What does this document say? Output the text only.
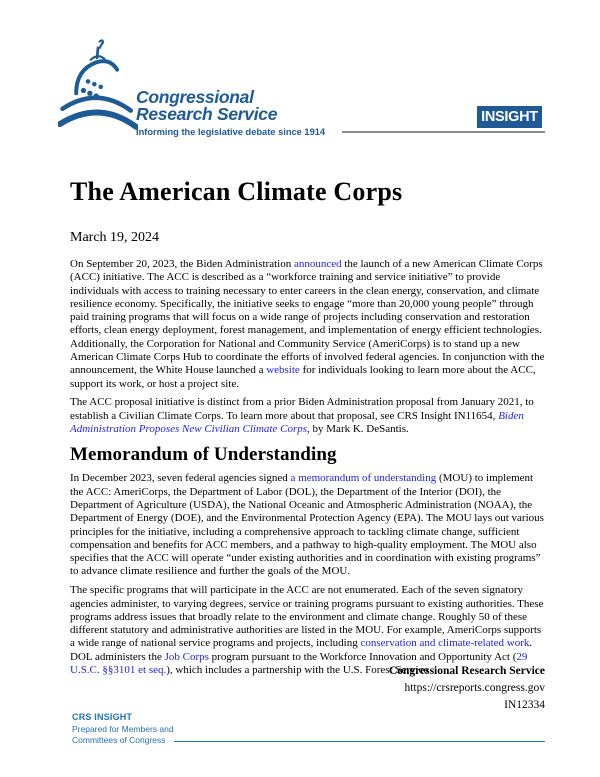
Congressional
Research Service
Informing the legislative debate since 1914
INSIGHT
The American Climate Corps
March 19, 2024

On September 20, 2023, the Biden Administration announced the launch of a new American Climate Corps (ACC) initiative. The ACC is described as a “workforce training and service initiative” to provide individuals with access to training necessary to enter careers in the clean energy, conservation, and climate resilience economy. Specifically, the initiative seeks to engage “more than 20,000 young people” through paid training programs that will focus on a wide range of projects including conservation and restoration efforts, clean energy deployment, forest management, and implementation of energy efficient technologies. Additionally, the Corporation for National and Community Service (AmeriCorps) is to stand up a new American Climate Corps Hub to coordinate the efforts of involved federal agencies. In conjunction with the announcement, the White House launched a website for individuals looking to learn more about the ACC, support its work, or host a project site.

The ACC proposal initiative is distinct from a prior Biden Administration proposal from January 2021, to establish a Civilian Climate Corps. To learn more about that proposal, see CRS Insight IN11654, Biden Administration Proposes New Civilian Climate Corps, by Mark K. DeSantis.

Memorandum of Understanding

In December 2023, seven federal agencies signed a memorandum of understanding (MOU) to implement the ACC: AmeriCorps, the Department of Labor (DOL), the Department of the Interior (DOI), the Department of Agriculture (USDA), the National Oceanic and Atmospheric Administration (NOAA), the Department of Energy (DOE), and the Environmental Protection Agency (EPA). The MOU lays out various principles for the initiative, including a comprehensive approach to tackling climate change, sufficient compensation and benefits for ACC members, and a pathway to high-quality employment. The MOU also specifies that the ACC will operate “under existing authorities and in coordination with existing programs” to advance climate resilience and further the goals of the MOU.

The specific programs that will participate in the ACC are not enumerated. Each of the seven signatory agencies administer, to varying degrees, service or training programs pursuant to existing authorities. These programs address issues that broadly relate to the environment and climate change. Roughly 50 of these different statutory and administrative authorities are listed in the MOU. For example, AmeriCorps supports a wide range of national service programs and projects, including conservation and climate-related work. DOL administers the Job Corps program pursuant to the Workforce Innovation and Opportunity Act (29 U.S.C. §§3101 et seq.), which includes a partnership with the U.S. Forest Service

Congressional Research Service
https://crsreports.congress.gov
IN12334
CRS INSIGHT
Prepared for Members and
Committees of Congress
